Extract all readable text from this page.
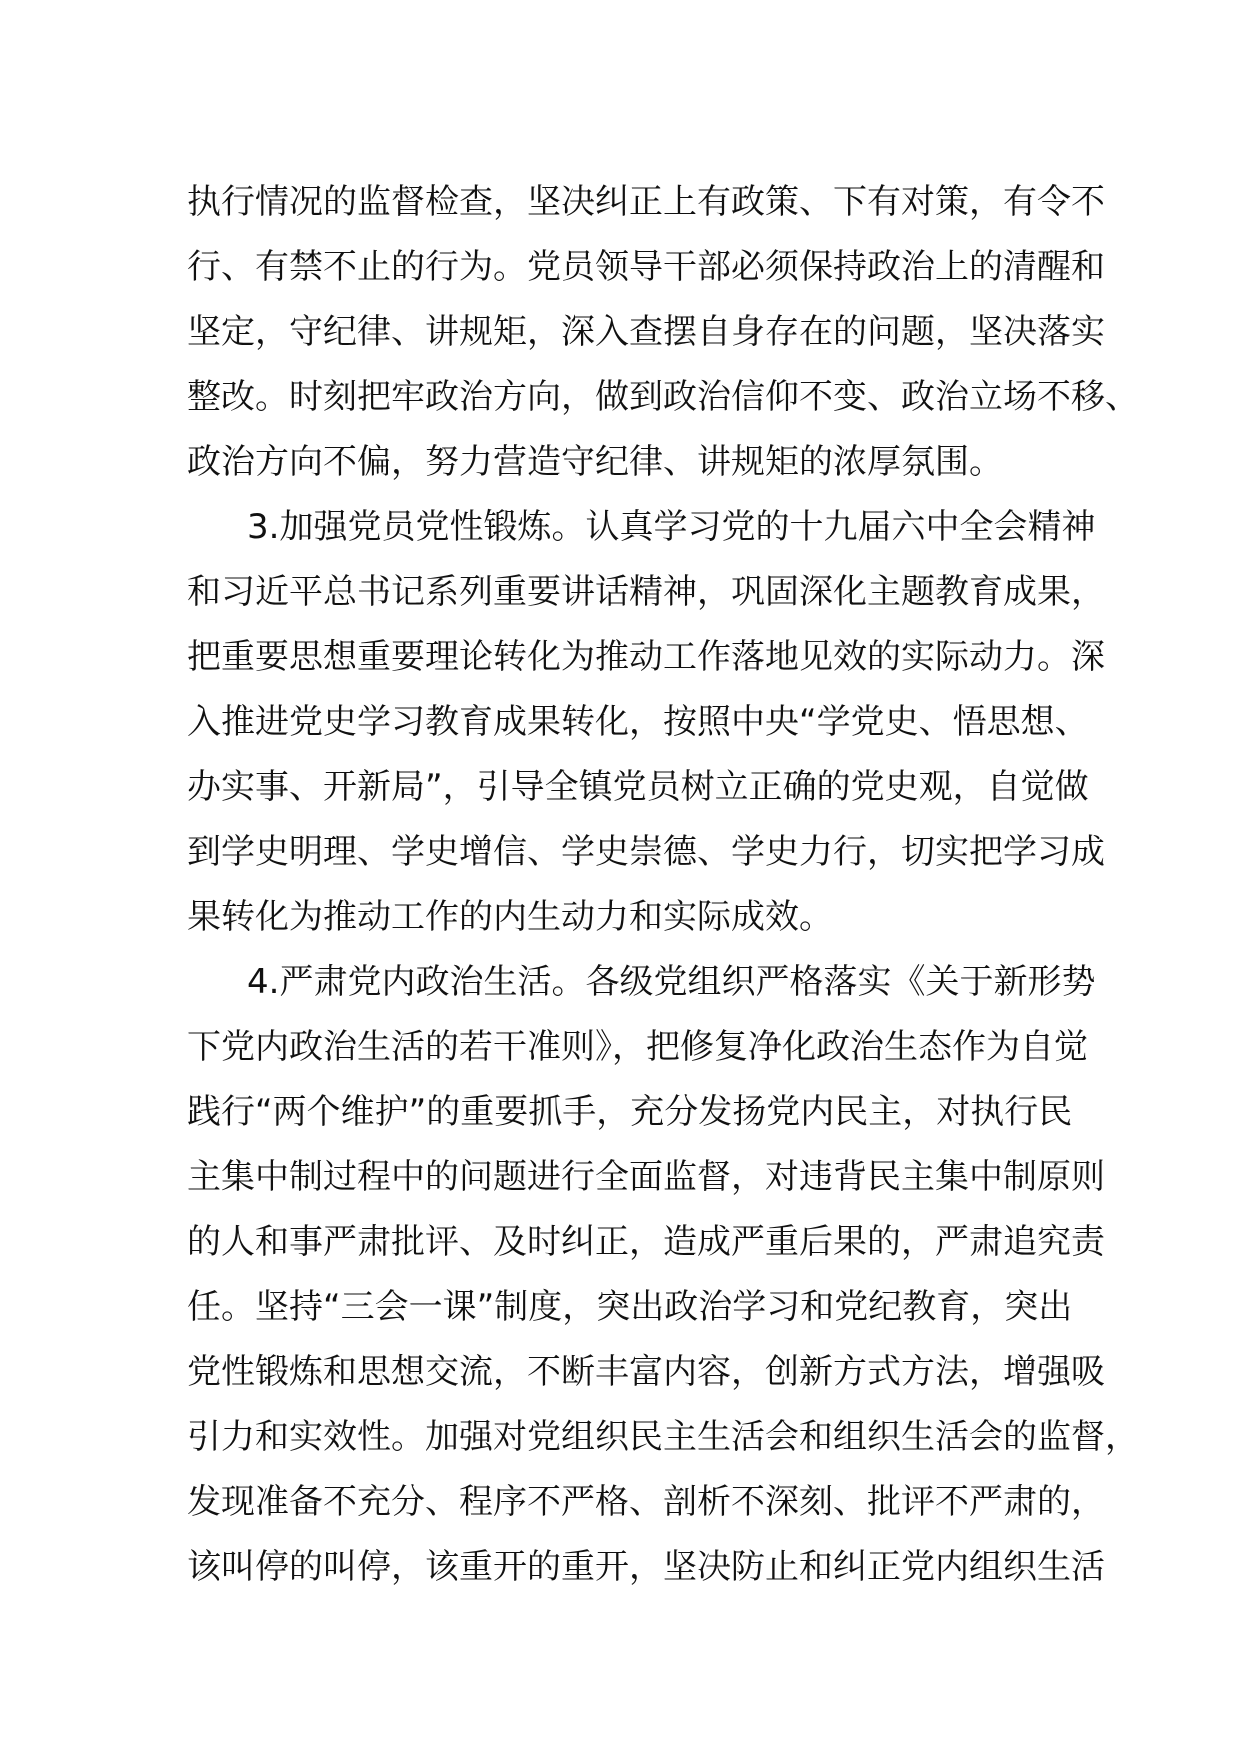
执行情况的监督检查，坚决纠正上有政策、下有对策，有令不
行、有禁不止的行为。党员领导干部必须保持政治上的清醒和
坚定，守纪律、讲规矩，深入查摆自身存在的问题，坚决落实
整改。时刻把牢政治方向，做到政治信仰不变、政治立场不移、
政治方向不偏，努力营造守纪律、讲规矩的浓厚氛围。
3.加强党员党性锻炼。认真学习党的十九届六中全会精神
和习近平总书记系列重要讲话精神，巩固深化主题教育成果，
把重要思想重要理论转化为推动工作落地见效的实际动力。深
入推进党史学习教育成果转化，按照中央“学党史、悟思想、
办实事、开新局”，引导全镇党员树立正确的党史观，自觉做
到学史明理、学史增信、学史崇德、学史力行，切实把学习成
果转化为推动工作的内生动力和实际成效。
4.严肃党内政治生活。各级党组织严格落实《关于新形势
下党内政治生活的若干准则》，把修复净化政治生态作为自觉
践行“两个维护”的重要抓手，充分发扬党内民主，对执行民
主集中制过程中的问题进行全面监督，对违背民主集中制原则
的人和事严肃批评、及时纠正，造成严重后果的，严肃追究责
任。坚持“三会一课”制度，突出政治学习和党纪教育，突出
党性锻炼和思想交流，不断丰富内容，创新方式方法，增强吸
引力和实效性。加强对党组织民主生活会和组织生活会的监督，
发现准备不充分、程序不严格、剖析不深刻、批评不严肃的，
该叫停的叫停，该重开的重开，坚决防止和纠正党内组织生活
